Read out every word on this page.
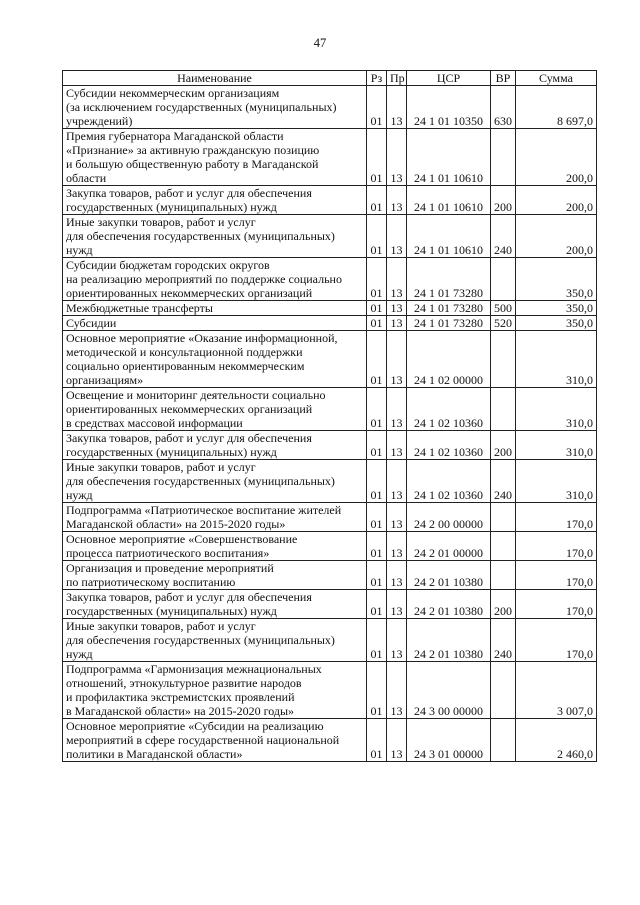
47
Наименование	Рз	Пр	ЦСР	ВР	Сумма

Субсидии некоммерческим организациям
(за исключением государственных (муниципальных)
учреждений)	01	13	24 1 01 10350	630	8 697,0

Премия губернатора Магаданской области
«Признание» за активную гражданскую позицию
и большую общественную работу в Магаданской
области	01	13	24 1 01 10610		200,0

Закупка товаров, работ и услуг для обеспечения
государственных (муниципальных) нужд	01	13	24 1 01 10610	200	200,0

Иные закупки товаров, работ и услуг
для обеспечения государственных (муниципальных)
нужд	01	13	24 1 01 10610	240	200,0

Субсидии бюджетам городских округов
на реализацию мероприятий по поддержке социально
ориентированных некоммерческих организаций	01	13	24 1 01 73280		350,0

Межбюджетные трансферты	01	13	24 1 01 73280	500	350,0

Субсидии	01	13	24 1 01 73280	520	350,0

Основное мероприятие «Оказание информационной,
методической и консультационной поддержки
социально ориентированным некоммерческим
организациям»	01	13	24 1 02 00000		310,0

Освещение и мониторинг деятельности социально
ориентированных некоммерческих организаций
в средствах массовой информации	01	13	24 1 02 10360		310,0

Закупка товаров, работ и услуг для обеспечения
государственных (муниципальных) нужд	01	13	24 1 02 10360	200	310,0

Иные закупки товаров, работ и услуг
для обеспечения государственных (муниципальных)
нужд	01	13	24 1 02 10360	240	310,0

Подпрограмма «Патриотическое воспитание жителей
Магаданской области» на 2015-2020 годы»	01	13	24 2 00 00000		170,0

Основное мероприятие «Совершенствование
процесса патриотического воспитания»	01	13	24 2 01 00000		170,0

Организация и проведение мероприятий
по патриотическому воспитанию	01	13	24 2 01 10380		170,0

Закупка товаров, работ и услуг для обеспечения
государственных (муниципальных) нужд	01	13	24 2 01 10380	200	170,0

Иные закупки товаров, работ и услуг
для обеспечения государственных (муниципальных)
нужд	01	13	24 2 01 10380	240	170,0

Подпрограмма «Гармонизация межнациональных
отношений, этнокультурное развитие народов
и профилактика экстремистских проявлений
в Магаданской области» на 2015-2020 годы»	01	13	24 3 00 00000		3 007,0

Основное мероприятие «Субсидии на реализацию
мероприятий в сфере государственной национальной
политики в Магаданской области»	01	13	24 3 01 00000		2 460,0
